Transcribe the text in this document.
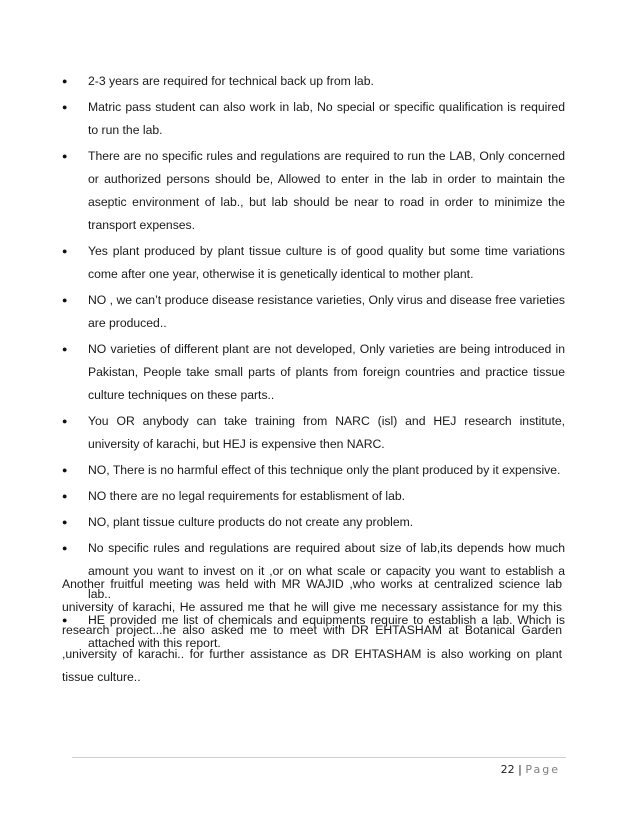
● 2-3 years are required for technical back up from lab.
● Matric pass student can also work in lab, No special or specific qualification is required to run the lab.
● There are no specific rules and regulations are required to run the LAB, Only concerned or authorized persons should be, Allowed to enter in the lab in order to maintain the aseptic environment of lab., but lab should be near to road in order to minimize the transport expenses.
● Yes plant produced by plant tissue culture is of good quality but some time variations come after one year, otherwise it is genetically identical to mother plant.
● NO , we can’t produce disease resistance varieties, Only virus and disease free varieties are produced..
● NO varieties of different plant are not developed, Only varieties are being introduced in Pakistan, People take small parts of plants from foreign countries and practice tissue culture techniques on these parts..
● You OR anybody can take training from NARC (isl) and HEJ research institute, university of karachi, but HEJ is expensive then NARC.
● NO, There is no harmful effect of this technique only the plant produced by it expensive.
● NO there are no legal requirements for establisment of lab.
● NO, plant tissue culture products do not create any problem.
● No specific rules and regulations are required about size of lab,its depends how much amount you want to invest on it ,or on what scale or capacity you want to establish a lab..
● HE provided me list of chemicals and equipments require to establish a lab. Which is attached with this report.

Another fruitful meeting was held with MR WAJID ,who works at centralized science lab university of karachi, He assured me that he will give me necessary assistance for my this research project...he also asked me to meet with DR EHTASHAM at Botanical Garden ,university of karachi.. for further assistance as DR EHTASHAM is also working on plant tissue culture..

22 | Page
